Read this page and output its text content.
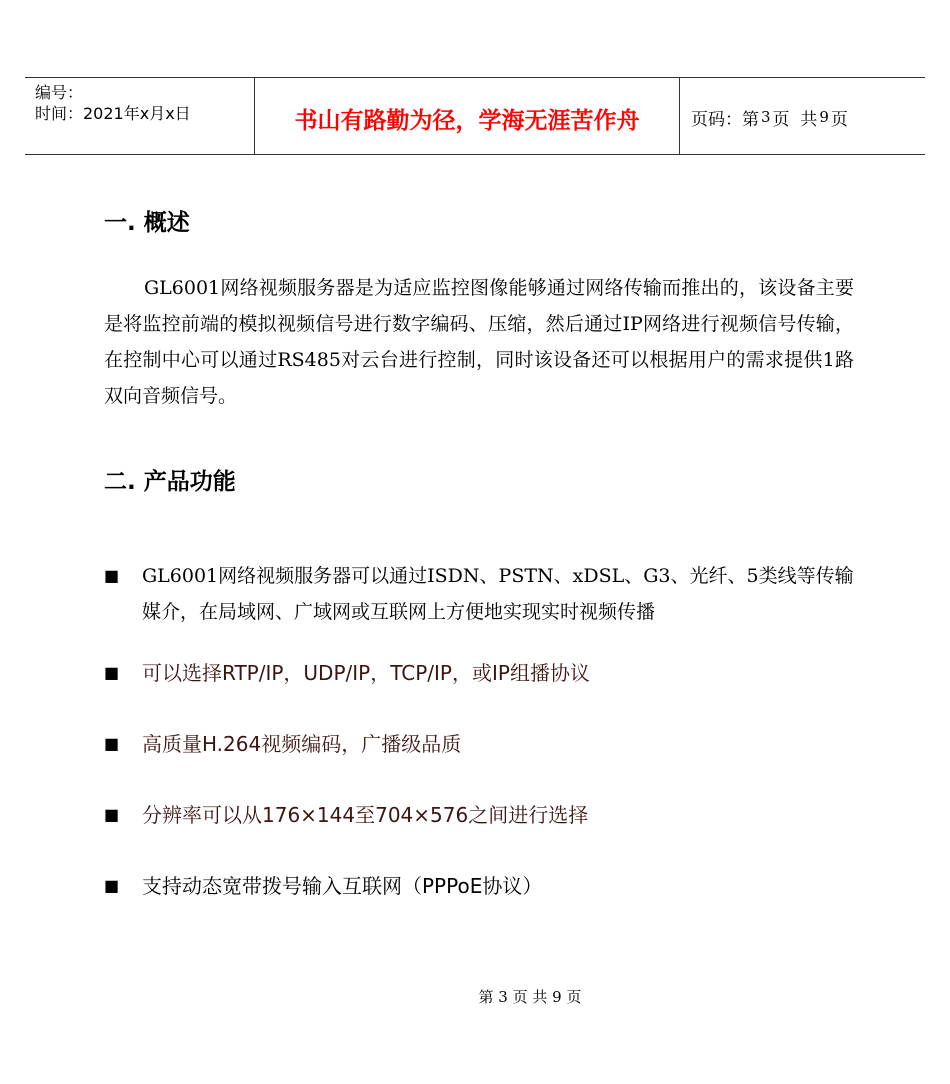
编号：
时间：2021年x月x日	书山有路勤为径，学海无涯苦作舟	页码：第 3 页  共 9 页
一. 概述
GL6001网络视频服务器是为适应监控图像能够通过网络传输而推出的，该设备主要是将监控前端的模拟视频信号进行数字编码、压缩，然后通过IP网络进行视频信号传输，在控制中心可以通过RS485对云台进行控制，同时该设备还可以根据用户的需求提供1路双向音频信号。
二. 产品功能
■	GL6001网络视频服务器可以通过ISDN、PSTN、xDSL、G3、光纤、5类线等传输媒介，在局域网、广域网或互联网上方便地实现实时视频传播
■	可以选择RTP/IP，UDP/IP，TCP/IP，或IP组播协议
■	高质量H.264视频编码，广播级品质
■	分辨率可以从176×144至704×576之间进行选择
■	支持动态宽带拨号输入互联网（PPPoE协议）
第 3 页 共 9 页
